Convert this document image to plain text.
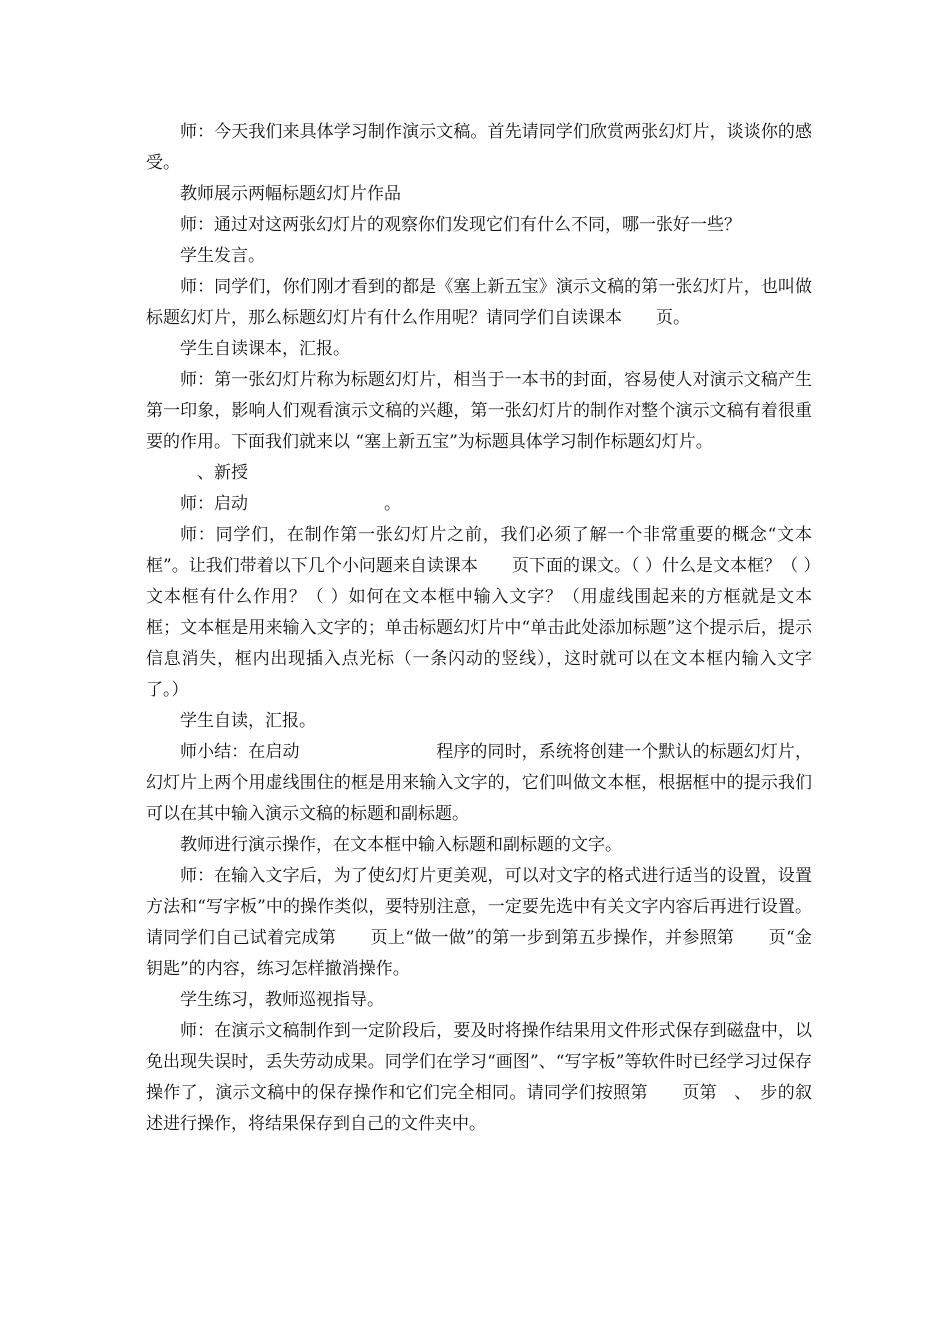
师：今天我们来具体学习制作演示文稿。首先请同学们欣赏两张幻灯片，谈谈你的感受。

教师展示两幅标题幻灯片作品

师：通过对这两张幻灯片的观察你们发现它们有什么不同，哪一张好一些？

学生发言。

师：同学们，你们刚才看到的都是《塞上新五宝》演示文稿的第一张幻灯片，也叫做标题幻灯片，那么标题幻灯片有什么作用呢？请同学们自读课本　　页。

学生自读课本，汇报。

师：第一张幻灯片称为标题幻灯片，相当于一本书的封面，容易使人对演示文稿产生第一印象，影响人们观看演示文稿的兴趣，第一张幻灯片的制作对整个演示文稿有着很重要的作用。下面我们就来以 “塞上新五宝”为标题具体学习制作标题幻灯片。

　、新授

师：启动　　　　　　　　。

师：同学们，在制作第一张幻灯片之前，我们必须了解一个非常重要的概念“文本框”。让我们带着以下几个小问题来自读课本　　页下面的课文。（ ）什么是文本框？（ ）文本框有什么作用？（ ）如何在文本框中输入文字？（用虚线围起来的方框就是文本框；文本框是用来输入文字的；单击标题幻灯片中“单击此处添加标题”这个提示后，提示信息消失，框内出现插入点光标（一条闪动的竖线），这时就可以在文本框内输入文字了。）

学生自读，汇报。

师小结：在启动　　　　　　　　程序的同时，系统将创建一个默认的标题幻灯片，幻灯片上两个用虚线围住的框是用来输入文字的，它们叫做文本框，根据框中的提示我们可以在其中输入演示文稿的标题和副标题。

教师进行演示操作，在文本框中输入标题和副标题的文字。

师：在输入文字后，为了使幻灯片更美观，可以对文字的格式进行适当的设置，设置方法和“写字板”中的操作类似，要特别注意，一定要先选中有关文字内容后再进行设置。请同学们自己试着完成第　　页上“做一做”的第一步到第五步操作，并参照第　　页“金钥匙”的内容，练习怎样撤消操作。

学生练习，教师巡视指导。

师：在演示文稿制作到一定阶段后，要及时将操作结果用文件形式保存到磁盘中，以免出现失误时，丢失劳动成果。同学们在学习“画图”、“写字板”等软件时已经学习过保存操作了，演示文稿中的保存操作和它们完全相同。请同学们按照第　　页第　、　步的叙述进行操作，将结果保存到自己的文件夹中。
